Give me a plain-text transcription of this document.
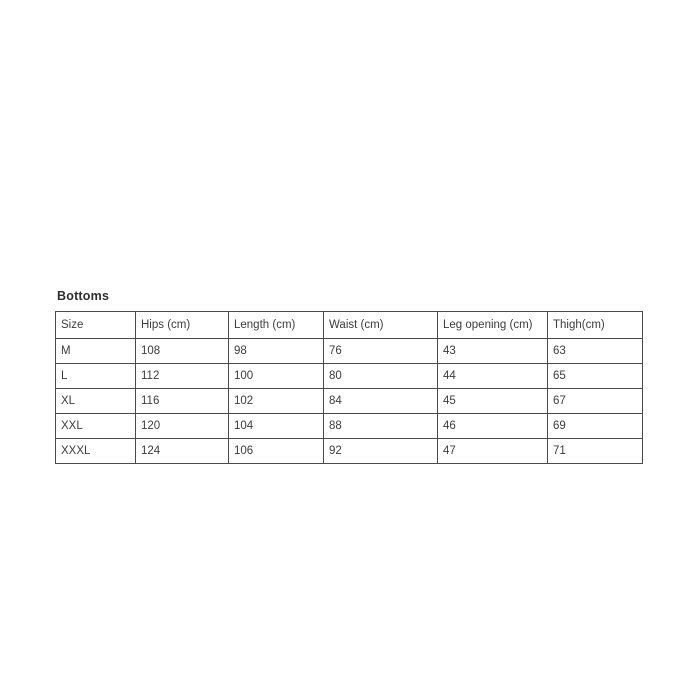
Bottoms
Size	Hips (cm)	Length (cm)	Waist (cm)	Leg opening (cm)	Thigh(cm)
M	108	98	76	43	63
L	112	100	80	44	65
XL	116	102	84	45	67
XXL	120	104	88	46	69
XXXL	124	106	92	47	71
